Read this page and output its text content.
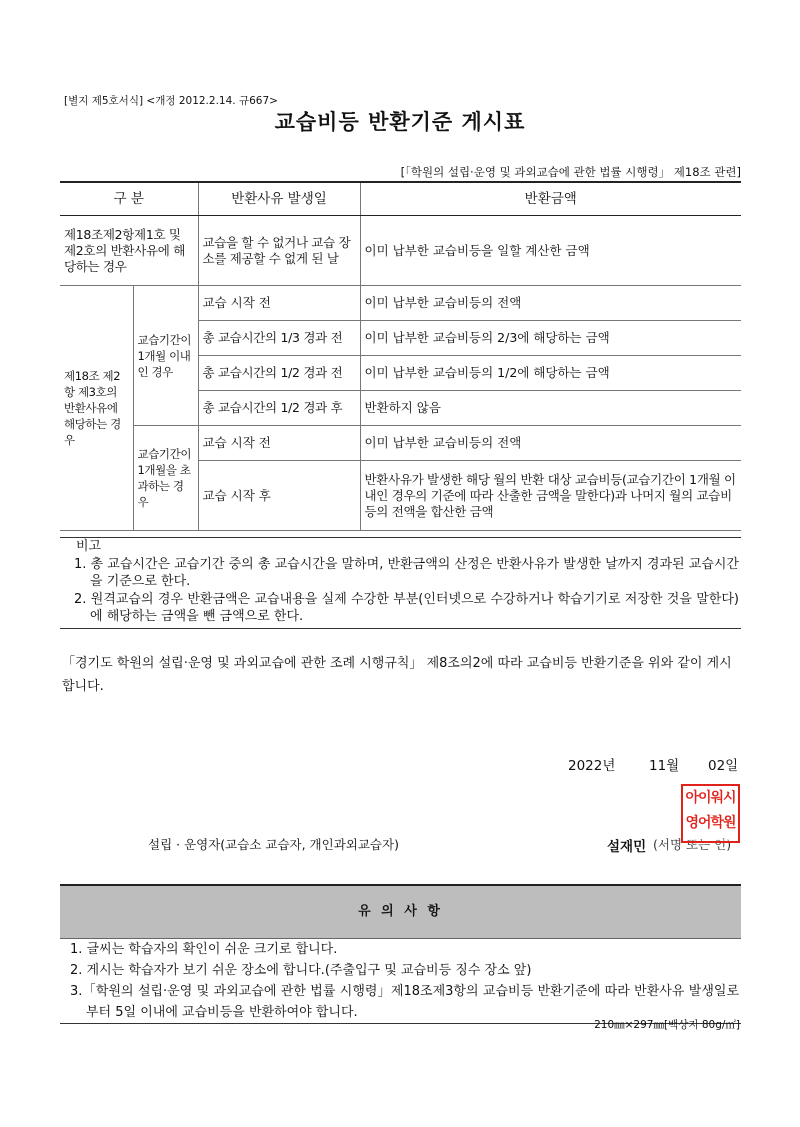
[별지 제5호서식] <개정 2012.2.14. 규667>
교습비등 반환기준 게시표
[「학원의 설립·운영 및 과외교습에 관한 법률 시행령」 제18조 관련]
구 분		반환사유 발생일	반환금액
제18조제2항제1호 및 제2호의 반환사유에 해당하는 경우		교습을 할 수 없거나 교습 장소를 제공할 수 없게 된 날	이미 납부한 교습비등을 일할 계산한 금액
제18조 제2항 제3호의 반환사유에 해당하는 경우	교습기간이 1개월 이내인 경우	교습 시작 전	이미 납부한 교습비등의 전액
		총 교습시간의 1/3 경과 전	이미 납부한 교습비등의 2/3에 해당하는 금액
		총 교습시간의 1/2 경과 전	이미 납부한 교습비등의 1/2에 해당하는 금액
		총 교습시간의 1/2 경과 후	반환하지 않음
	교습기간이 1개월을 초과하는 경우	교습 시작 전	이미 납부한 교습비등의 전액
		교습 시작 후	반환사유가 발생한 해당 월의 반환 대상 교습비등(교습기간이 1개월 이내인 경우의 기준에 따라 산출한 금액을 말한다)과 나머지 월의 교습비등의 전액을 합산한 금액
비고
1. 총 교습시간은 교습기간 중의 총 교습시간을 말하며, 반환금액의 산정은 반환사유가 발생한 날까지 경과된 교습시간을 기준으로 한다.
2. 원격교습의 경우 반환금액은 교습내용을 실제 수강한 부분(인터넷으로 수강하거나 학습기기로 저장한 것을 말한다)에 해당하는 금액을 뺀 금액으로 한다.
「경기도 학원의 설립·운영 및 과외교습에 관한 조례 시행규칙」 제8조의2에 따라 교습비등 반환기준을 위와 같이 게시합니다.
2022년 11월 02일
설립 · 운영자(교습소 교습자, 개인과외교습자)	설재민 (서명 또는 인)
아이워시
영어학원
유 의 사 항
1. 글씨는 학습자의 확인이 쉬운 크기로 합니다.
2. 게시는 학습자가 보기 쉬운 장소에 합니다.(주출입구 및 교습비등 징수 장소 앞)
3.「학원의 설립·운영 및 과외교습에 관한 법률 시행령」제18조제3항의 교습비등 반환기준에 따라 반환사유 발생일로부터 5일 이내에 교습비등을 반환하여야 합니다.
210㎜×297㎜[백상지 80g/㎡]
